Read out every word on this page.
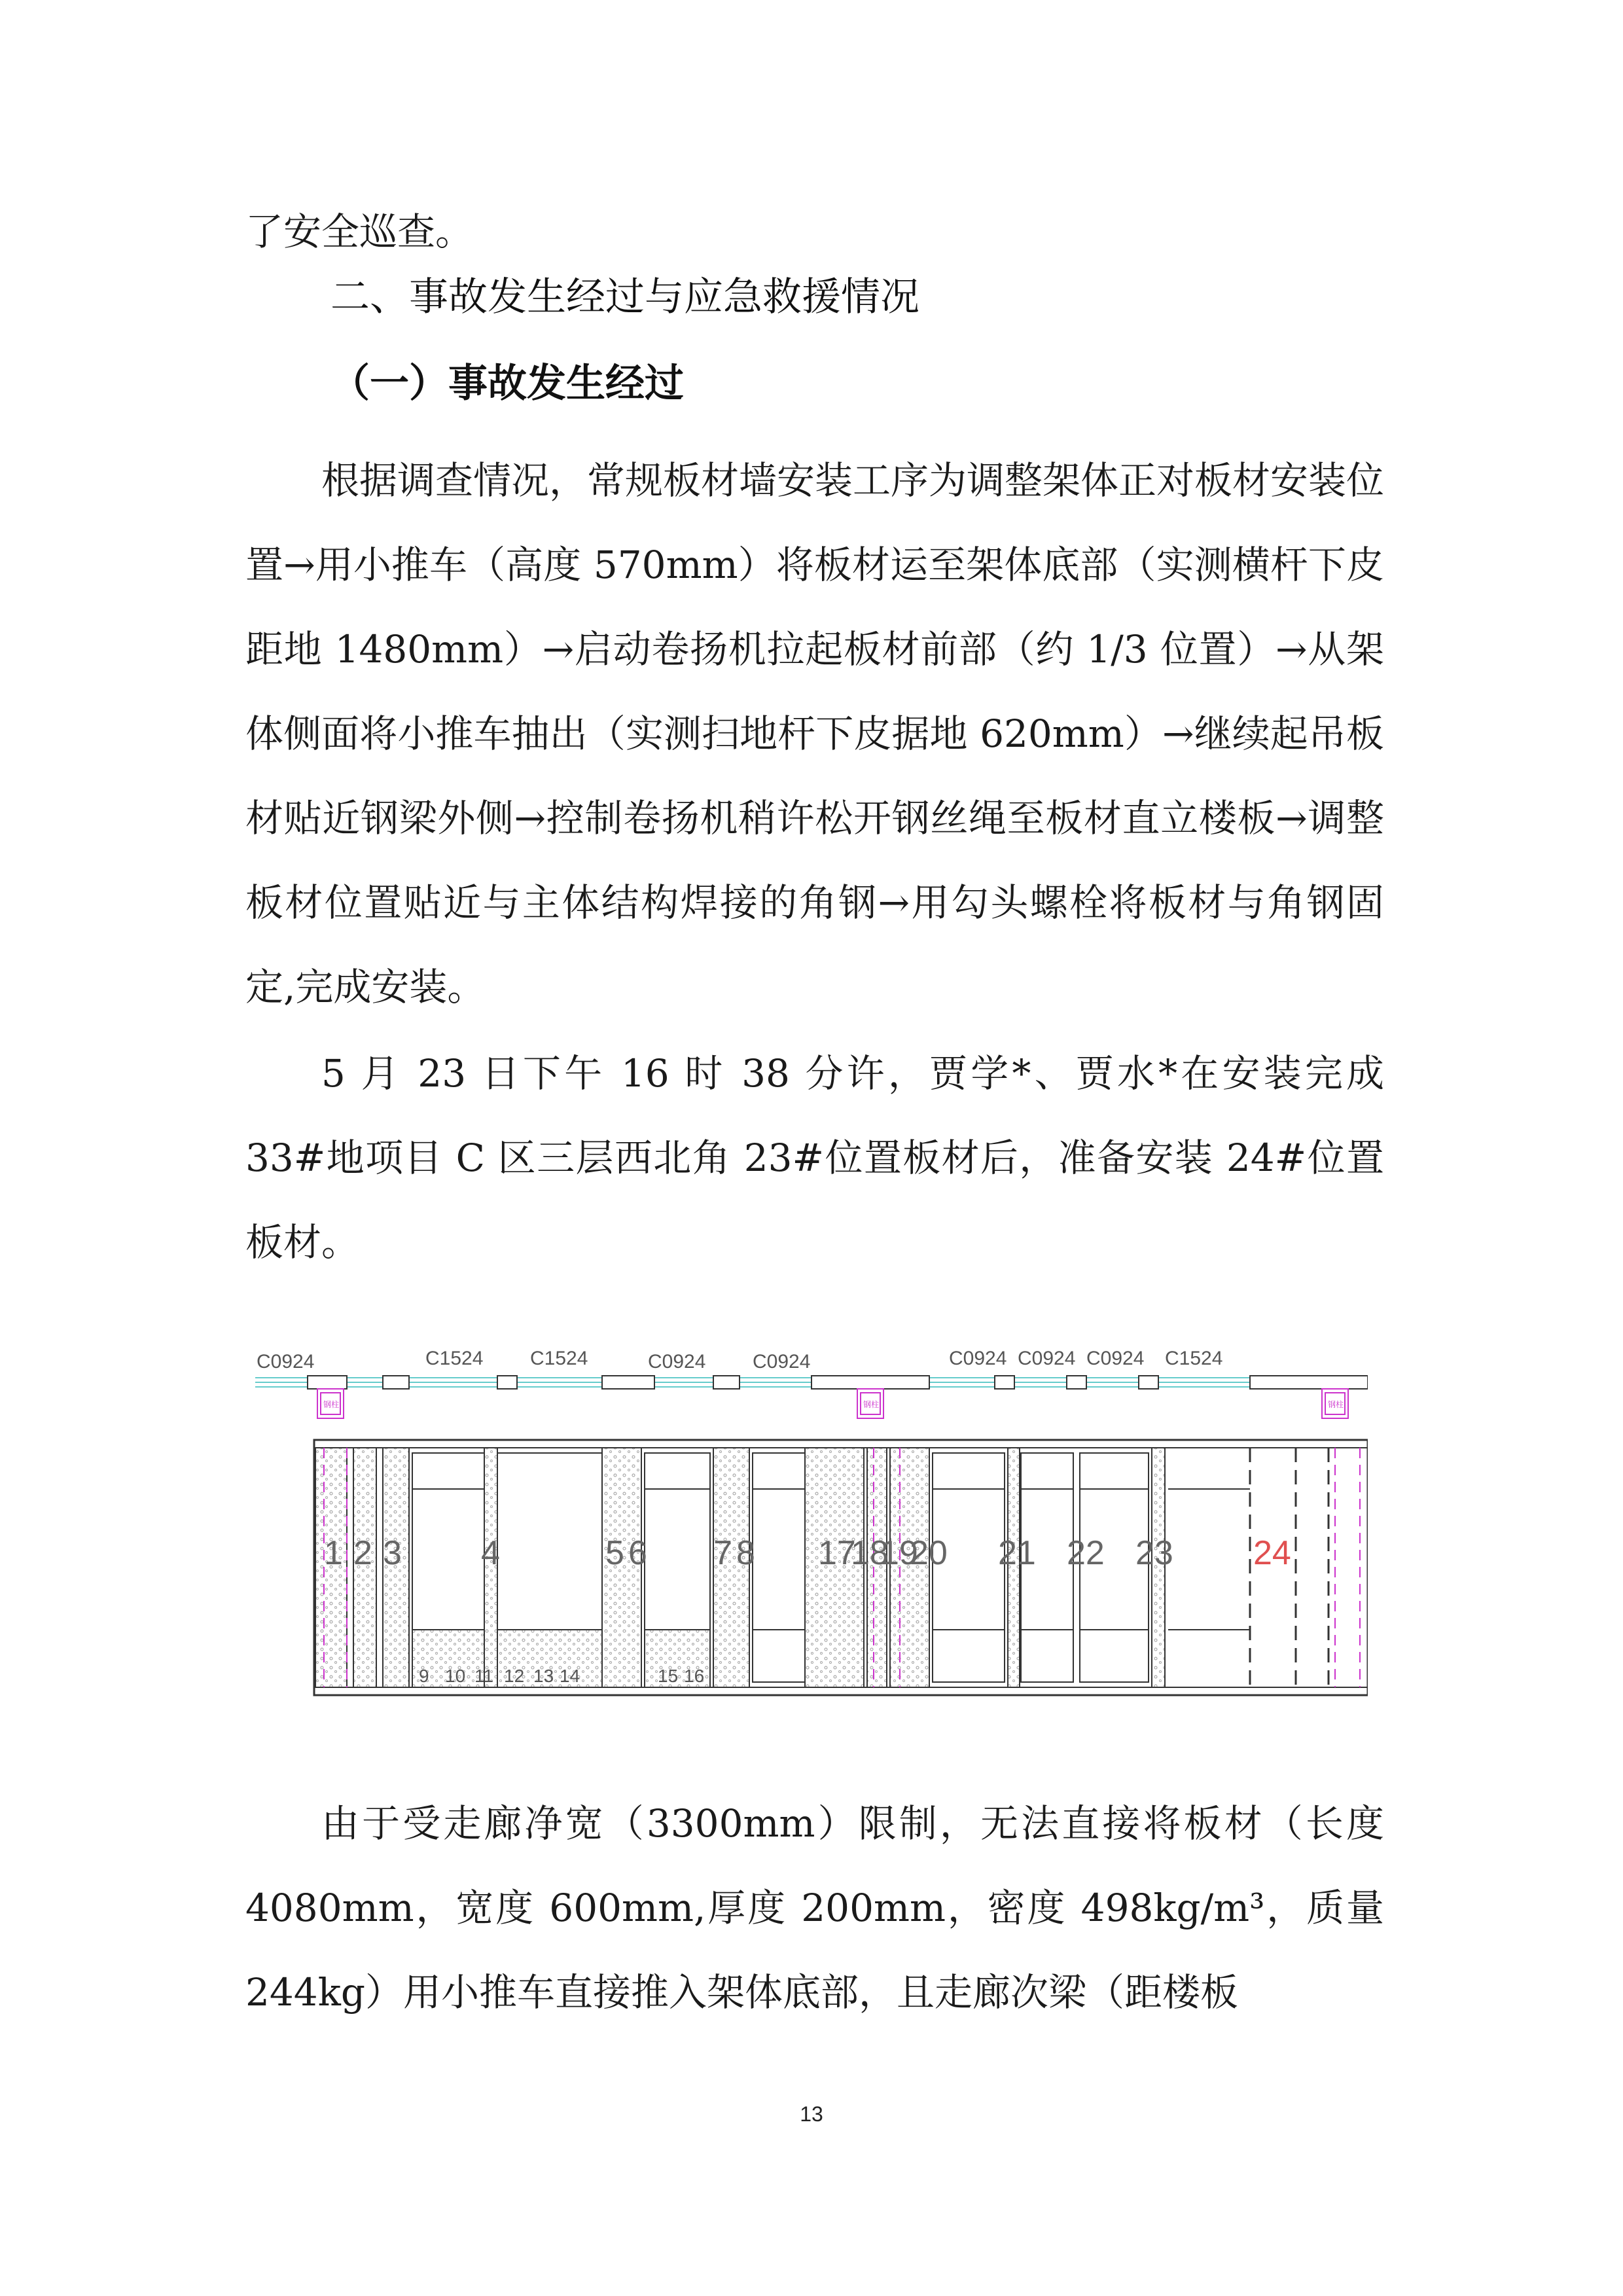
了安全巡查。
二、事故发生经过与应急救援情况
（一）事故发生经过
根据调查情况，常规板材墙安装工序为调整架体正对板材安装位置→用小推车（高度 570mm）将板材运至架体底部（实测横杆下皮距地 1480mm）→启动卷扬机拉起板材前部（约 1/3 位置）→从架体侧面将小推车抽出（实测扫地杆下皮据地 620mm）→继续起吊板材贴近钢梁外侧→控制卷扬机稍许松开钢丝绳至板材直立楼板→调整板材位置贴近与主体结构焊接的角钢→用勾头螺栓将板材与角钢固定,完成安装。
5 月 23 日下午 16 时 38 分许，贾学*、贾水*在安装完成 33#地项目 C 区三层西北角 23#位置板材后，准备安装 24#位置板材。
C0924	C1524 C1524	C0924 C0924	C0924 C0924 C0924 C1524
钢柱	钢柱	钢柱
1 2 3 4	5 6 7 8 17
18
19
20 21 22 23 24
9 10 11 12 13 14	15 16
由于受走廊净宽（3300mm）限制，无法直接将板材（长度 4080mm，宽度 600mm,厚度 200mm，密度 498kg/m³，质量 244kg）用小推车直接推入架体底部，且走廊次梁（距楼板
13
